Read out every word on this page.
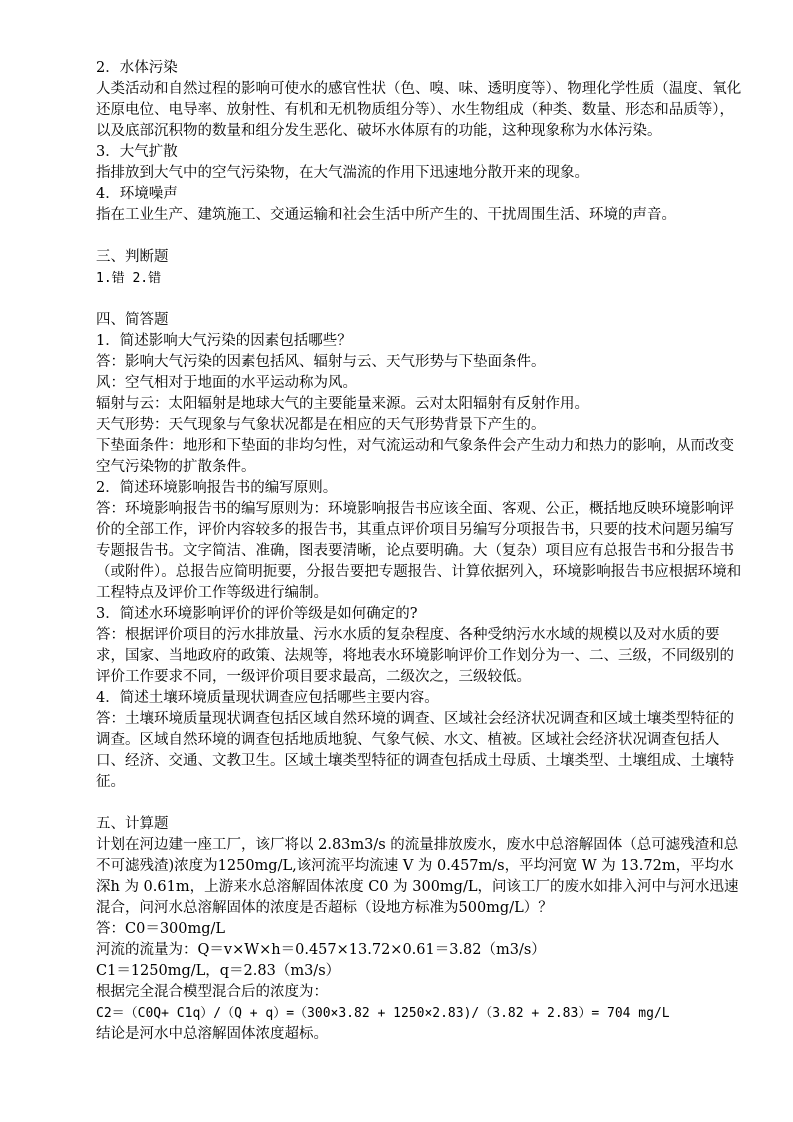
2．水体污染

人类活动和自然过程的影响可使水的感官性状（色、嗅、味、透明度等）、物理化学性质（温度、氧化还原电位、电导率、放射性、有机和无机物质组分等）、水生物组成（种类、数量、形态和品质等），以及底部沉积物的数量和组分发生恶化、破坏水体原有的功能，这种现象称为水体污染。

3．大气扩散

指排放到大气中的空气污染物，在大气湍流的作用下迅速地分散开来的现象。

4．环境噪声

指在工业生产、建筑施工、交通运输和社会生活中所产生的、干扰周围生活、环境的声音。

三、判断题

1.错 2.错

四、简答题

1．简述影响大气污染的因素包括哪些？

答：影响大气污染的因素包括风、辐射与云、天气形势与下垫面条件。

风：空气相对于地面的水平运动称为风。

辐射与云：太阳辐射是地球大气的主要能量来源。云对太阳辐射有反射作用。

天气形势：天气现象与气象状况都是在相应的天气形势背景下产生的。

下垫面条件：地形和下垫面的非均匀性，对气流运动和气象条件会产生动力和热力的影响，从而改变空气污染物的扩散条件。

2．简述环境影响报告书的编写原则。

答：环境影响报告书的编写原则为：环境影响报告书应该全面、客观、公正，概括地反映环境影响评价的全部工作，评价内容较多的报告书，其重点评价项目另编写分项报告书，只要的技术问题另编写专题报告书。文字简洁、准确，图表要清晰，论点要明确。大（复杂）项目应有总报告书和分报告书（或附件）。总报告应简明扼要，分报告要把专题报告、计算依据列入，环境影响报告书应根据环境和工程特点及评价工作等级进行编制。

3．简述水环境影响评价的评价等级是如何确定的?

答：根据评价项目的污水排放量、污水水质的复杂程度、各种受纳污水水域的规模以及对水质的要求，国家、当地政府的政策、法规等，将地表水环境影响评价工作划分为一、二、三级，不同级别的评价工作要求不同，一级评价项目要求最高，二级次之，三级较低。

4．简述土壤环境质量现状调查应包括哪些主要内容。

答：土壤环境质量现状调查包括区域自然环境的调查、区域社会经济状况调查和区域土壤类型特征的调查。区域自然环境的调查包括地质地貌、气象气候、水文、植被。区域社会经济状况调查包括人口、经济、交通、文教卫生。区域土壤类型特征的调查包括成土母质、土壤类型、土壤组成、土壤特征。

五、计算题

计划在河边建一座工厂，该厂将以 2.83m3/s 的流量排放废水，废水中总溶解固体（总可滤残渣和总不可滤残渣)浓度为1250mg/L,该河流平均流速 V 为 0.457m/s，平均河宽 W 为 13.72m，平均水深h 为 0.61m，上游来水总溶解固体浓度 C0 为 300mg/L，问该工厂的废水如排入河中与河水迅速混合，问河水总溶解固体的浓度是否超标（设地方标准为500mg/L）？

答：C0＝300mg/L

河流的流量为：Q＝v×W×h＝0.457×13.72×0.61＝3.82（m3/s）

C1＝1250mg/L，q＝2.83（m3/s）

根据完全混合模型混合后的浓度为：

C2＝（C0Q+ C1q）/（Q + q）=（300×3.82 + 1250×2.83)/（3.82 + 2.83）= 704 mg/L

结论是河水中总溶解固体浓度超标。
